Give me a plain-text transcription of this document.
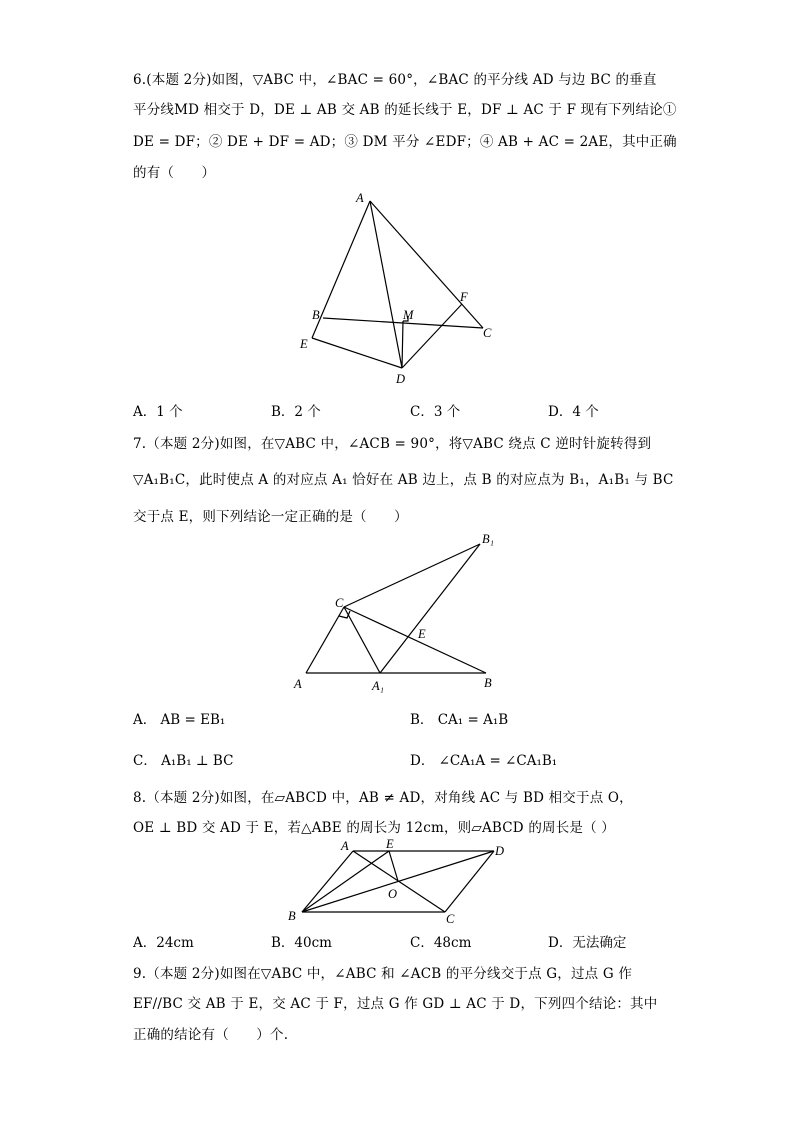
6.(本题 2分)如图，▽ABC 中，∠BAC = 60°，∠BAC 的平分线 AD 与边 BC 的垂直
平分线MD 相交于 D，DE ⊥ AB 交 AB 的延长线于 E，DF ⊥ AC 于 F 现有下列结论①
DE = DF；② DE + DF = AD；③ DM 平分 ∠EDF；④ AB + AC = 2AE，其中正确
的有（　　）
A
B
C
D
E
F
M
A．1 个	B．2 个	C．3 个	D．4 个
7.（本题 2分)如图，在▽ABC 中，∠ACB = 90°，将▽ABC 绕点 C 逆时针旋转得到
▽A₁B₁C，此时使点 A 的对应点 A₁ 恰好在 AB 边上，点 B 的对应点为 B₁，A₁B₁ 与 BC
交于点 E，则下列结论一定正确的是（　　）
A	A₁	B
B₁
C
E
A． AB = EB₁	B． CA₁ = A₁B
C． A₁B₁ ⊥ BC	D． ∠CA₁A = ∠CA₁B₁
8.（本题 2分)如图，在▱ABCD 中，AB ≠ AD，对角线 AC 与 BD 相交于点 O，
OE ⊥ BD 交 AD 于 E，若△ABE 的周长为 12cm，则▱ABCD 的周长是（ ）
A	E	D
O
B	C
A．24cm	B．40cm	C．48cm	D．无法确定
9.（本题 2分)如图在▽ABC 中，∠ABC 和 ∠ACB 的平分线交于点 G，过点 G 作
EF//BC 交 AB 于 E，交 AC 于 F，过点 G 作 GD ⊥ AC 于 D，下列四个结论：其中
正确的结论有（　　）个.
